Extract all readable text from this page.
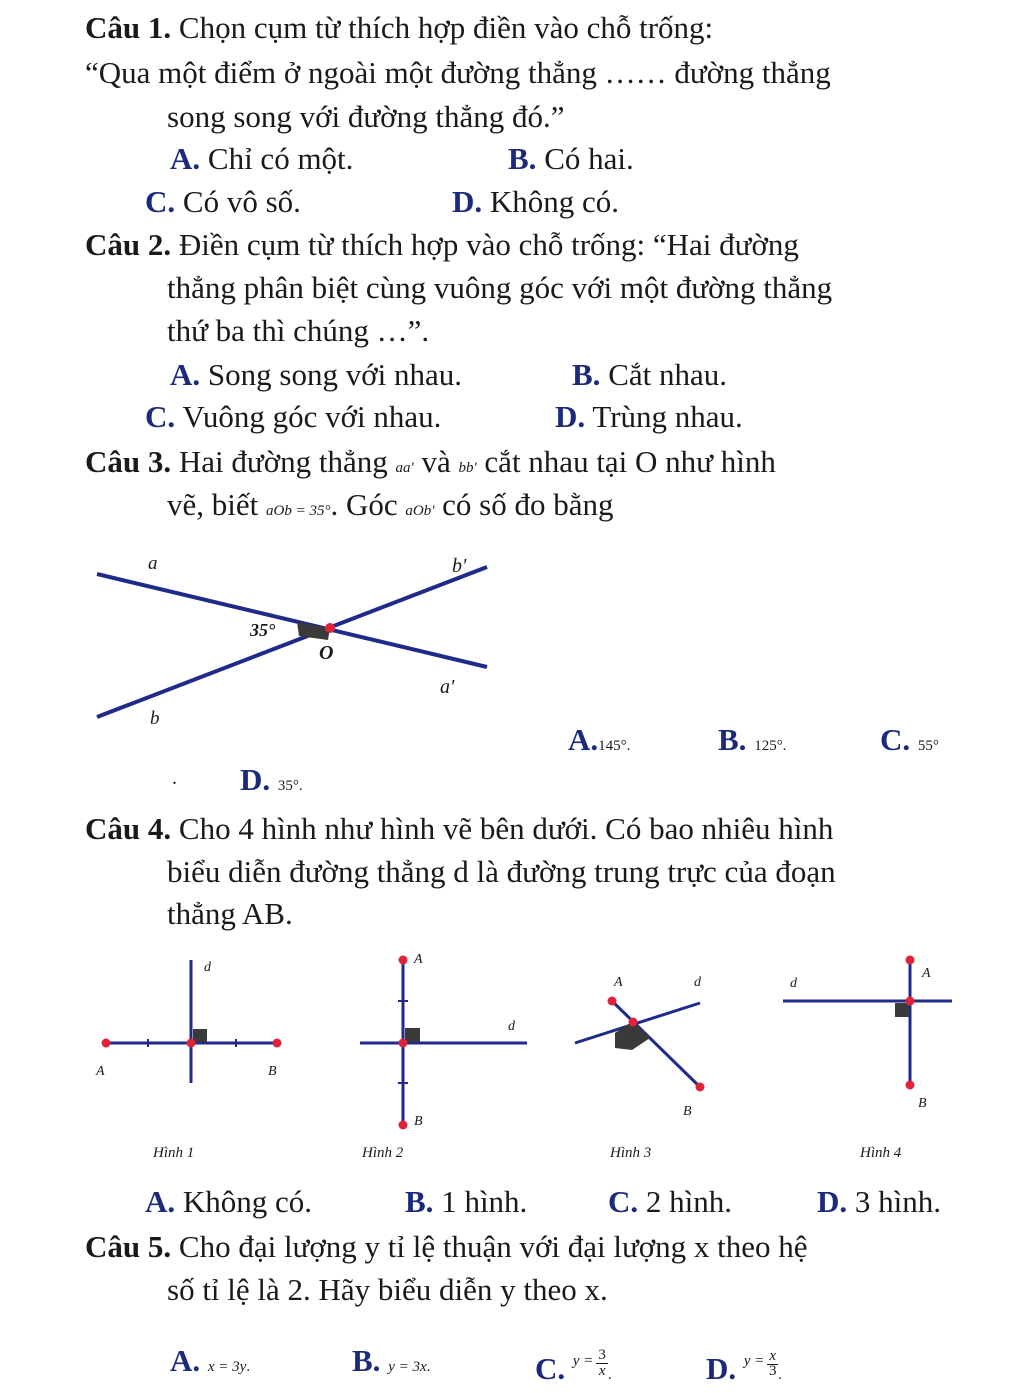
Câu 1. Chọn cụm từ thích hợp điền vào chỗ trống:
“Qua một điểm ở ngoài một đường thẳng …… đường thẳng
song song với đường thẳng đó.”
A. Chỉ có một.	B. Có hai.
C. Có vô số.	D. Không có.
Câu 2. Điền cụm từ thích hợp vào chỗ trống: “Hai đường
thẳng phân biệt cùng vuông góc với một đường thẳng
thứ ba thì chúng …”.
A. Song song với nhau.	B. Cắt nhau.
C. Vuông góc với nhau.	D. Trùng nhau.
Câu 3. Hai đường thẳng aa' và bb' cắt nhau tại O như hình
vẽ, biết aOb = 35°. Góc aOb' có số đo bằng
a	b'
35°
O
a'
b
A.145°.	B. 125°.	C. 55°
. D. 35°.
Câu 4. Cho 4 hình như hình vẽ bên dưới. Có bao nhiêu hình
biểu diễn đường thẳng d là đường trung trực của đoạn
thẳng AB.
d
A	B
A
d
B
A	d
B
d
A
B
Hình 1	Hình 2	Hình 3	Hình 4
A. Không có.	B. 1 hình.	C. 2 hình.	D. 3 hình.
Câu 5. Cho đại lượng y tỉ lệ thuận với đại lượng x theo hệ
số tỉ lệ là 2. Hãy biểu diễn y theo x.
A. x = 3y.	B. y = 3x.	C. $^{y =} \frac{3}{x}$.	D. $^{y =} \frac{x}{3}$ .
